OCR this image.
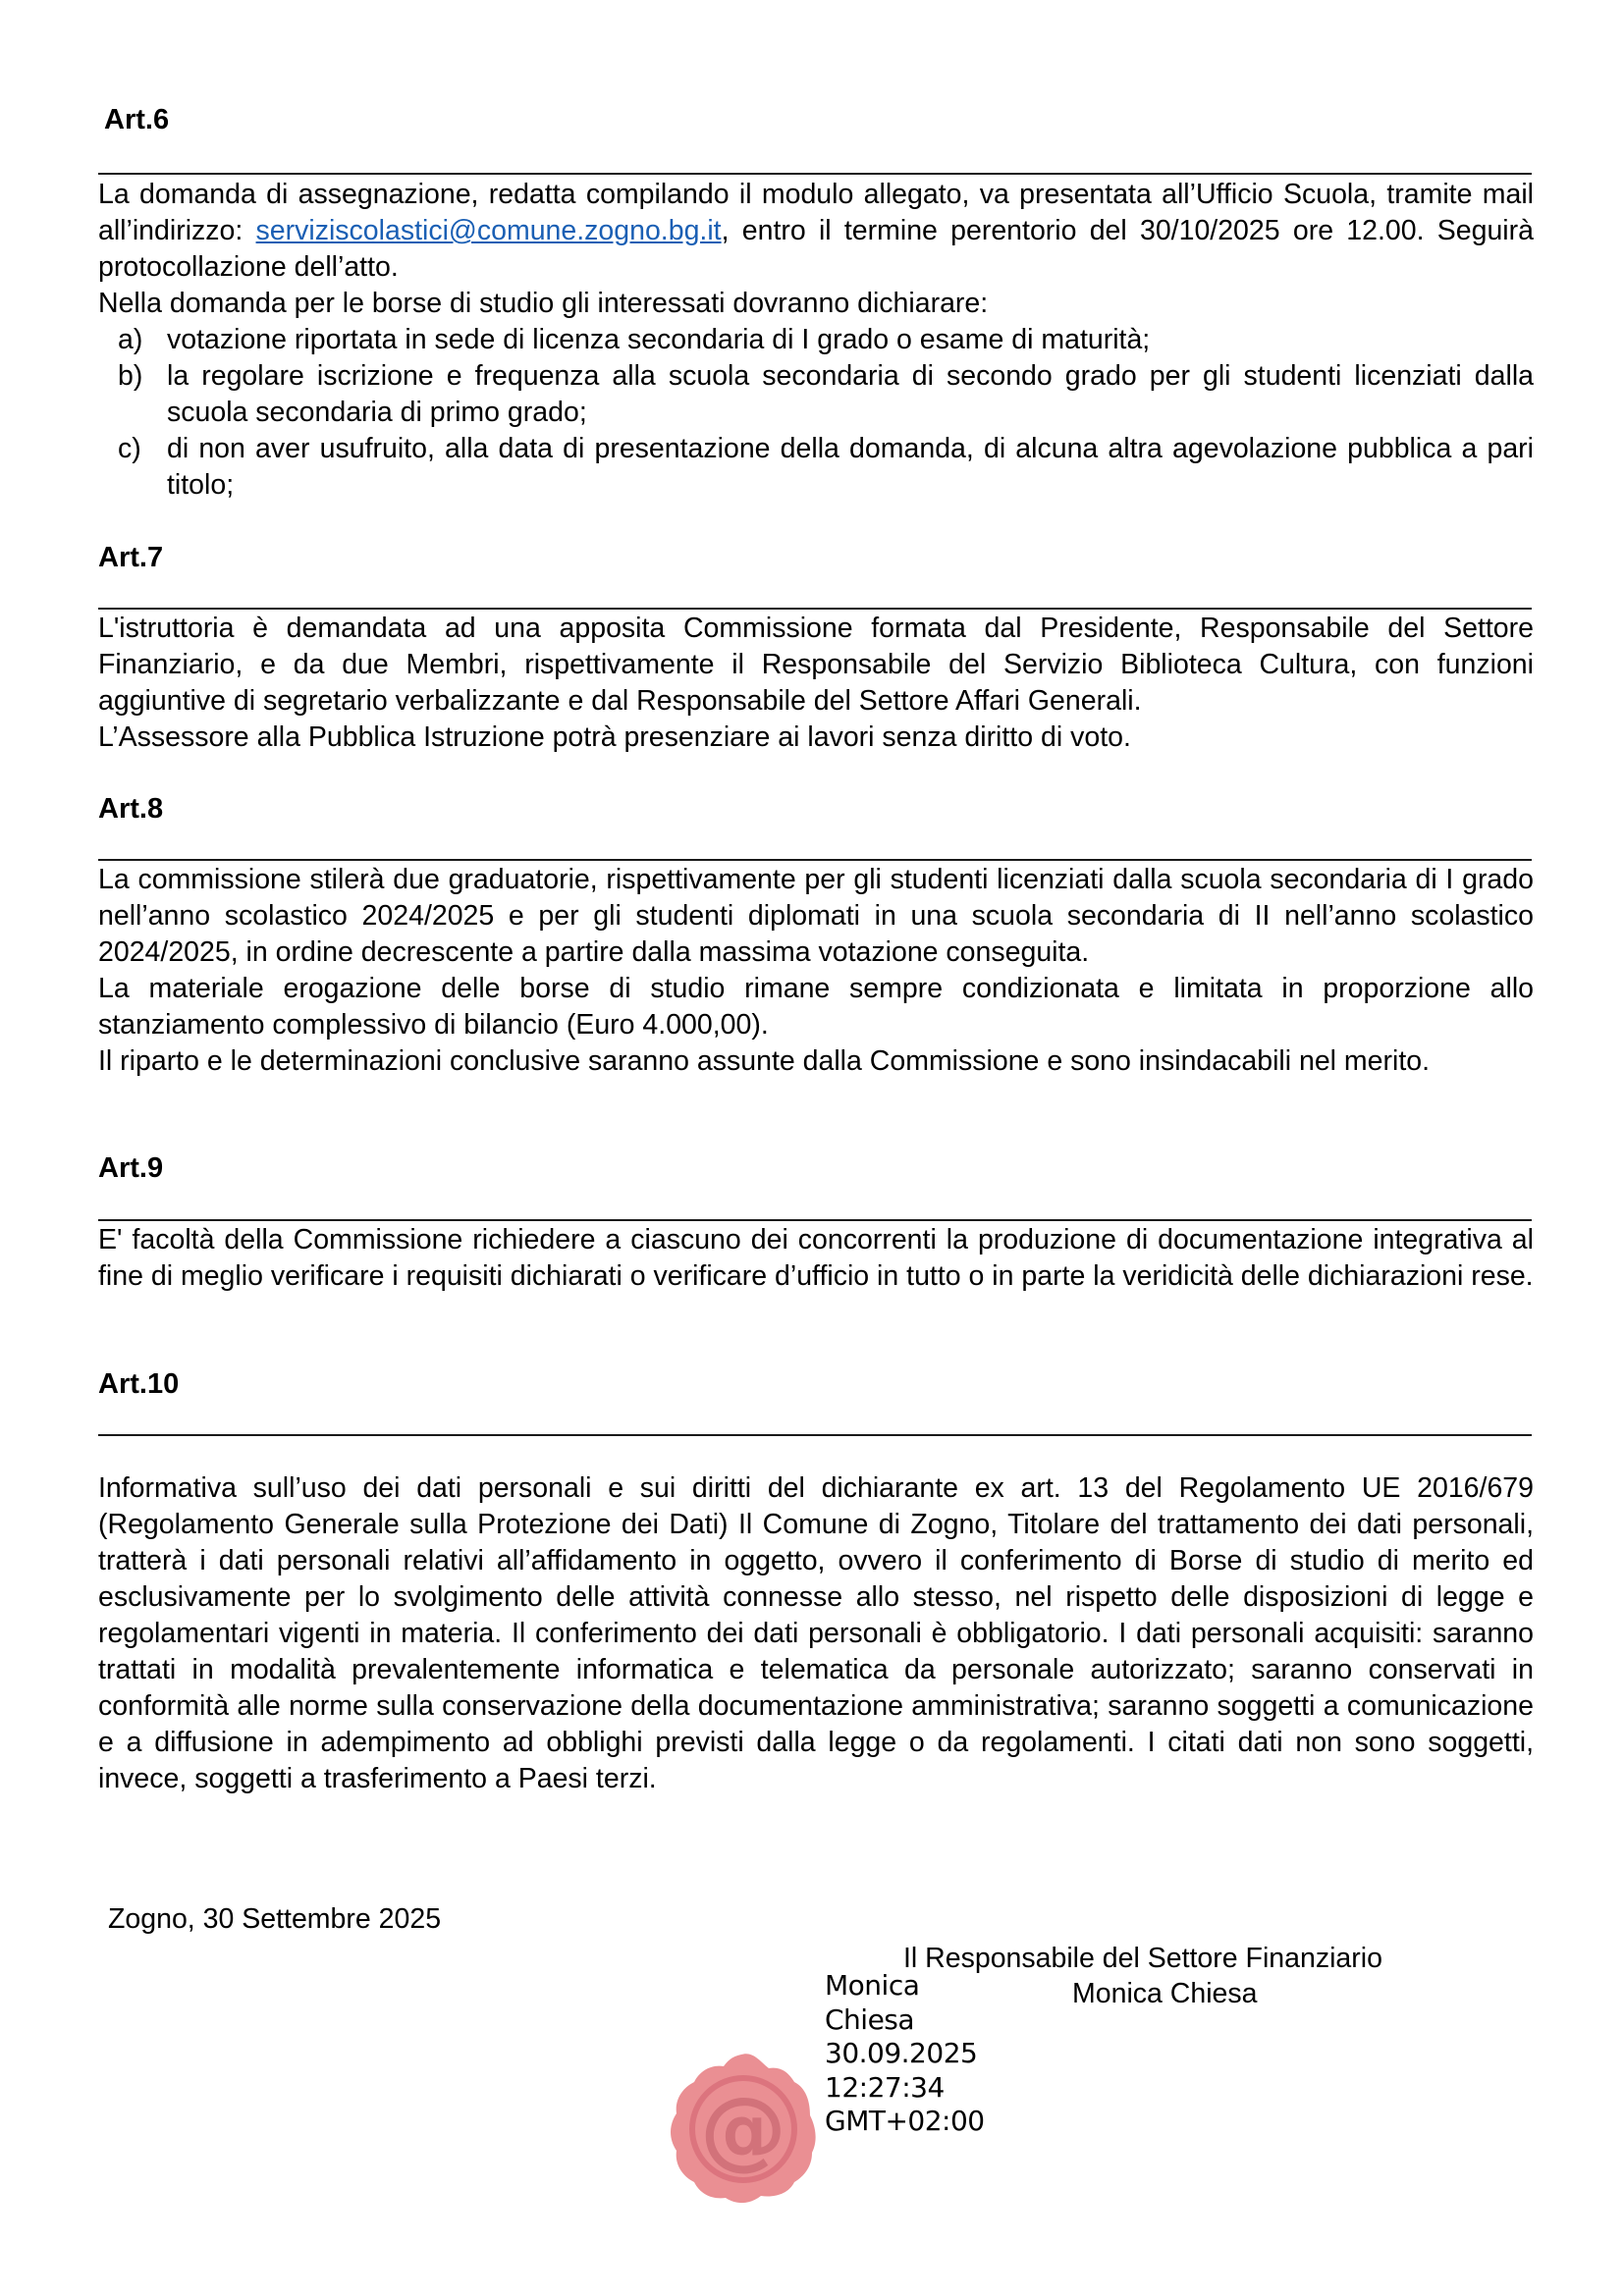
Art.6

La domanda di assegnazione, redatta compilando il modulo allegato, va presentata all’Ufficio Scuola, tramite mail all’indirizzo: serviziscolastici@comune.zogno.bg.it, entro il termine perentorio del 30/10/2025 ore 12.00. Seguirà protocollazione dell’atto.

Nella domanda per le borse di studio gli interessati dovranno dichiarare:

a) votazione riportata in sede di licenza secondaria di I grado o esame di maturità;
b) la regolare iscrizione e frequenza alla scuola secondaria di secondo grado per gli studenti licenziati dalla scuola secondaria di primo grado;
c) di non aver usufruito, alla data di presentazione della domanda, di alcuna altra agevolazione pubblica a pari titolo;
Art.7

L'istruttoria è demandata ad una apposita Commissione formata dal Presidente, Responsabile del Settore Finanziario, e da due Membri, rispettivamente il Responsabile del Servizio Biblioteca Cultura, con funzioni aggiuntive di segretario verbalizzante e dal Responsabile del Settore Affari Generali.

L’Assessore alla Pubblica Istruzione potrà presenziare ai lavori senza diritto di voto.

Art.8

La commissione stilerà due graduatorie, rispettivamente per gli studenti licenziati dalla scuola secondaria di I grado nell’anno scolastico 2024/2025 e per gli studenti diplomati in una scuola secondaria di II nell’anno scolastico 2024/2025, in ordine decrescente a partire dalla massima votazione conseguita.

La materiale erogazione delle borse di studio rimane sempre condizionata e limitata in proporzione allo stanziamento complessivo di bilancio (Euro 4.000,00).

Il riparto e le determinazioni conclusive saranno assunte dalla Commissione e sono insindacabili nel merito.

Art.9

E' facoltà della Commissione richiedere a ciascuno dei concorrenti la produzione di documentazione integrativa al fine di meglio verificare i requisiti dichiarati o verificare d’ufficio in tutto o in parte la veridicità delle dichiarazioni rese.

Art.10

Informativa sull’uso dei dati personali e sui diritti del dichiarante ex art. 13 del Regolamento UE 2016/679 (Regolamento Generale sulla Protezione dei Dati) Il Comune di Zogno, Titolare del trattamento dei dati personali, tratterà i dati personali relativi all’affidamento in oggetto, ovvero il conferimento di Borse di studio di merito ed esclusivamente per lo svolgimento delle attività connesse allo stesso, nel rispetto delle disposizioni di legge e regolamentari vigenti in materia. Il conferimento dei dati personali è obbligatorio. I dati personali acquisiti: saranno trattati in modalità prevalentemente informatica e telematica da personale autorizzato; saranno conservati in conformità alle norme sulla conservazione della documentazione amministrativa; saranno soggetti a comunicazione e a diffusione in adempimento ad obblighi previsti dalla legge o da regolamenti. I citati dati non sono soggetti, invece, soggetti a trasferimento a Paesi terzi.

Zogno, 30 Settembre 2025
Il Responsabile del Settore Finanziario
Monica Chiesa
@
Monica
Chiesa
30.09.2025
12:27:34
GMT+02:00
